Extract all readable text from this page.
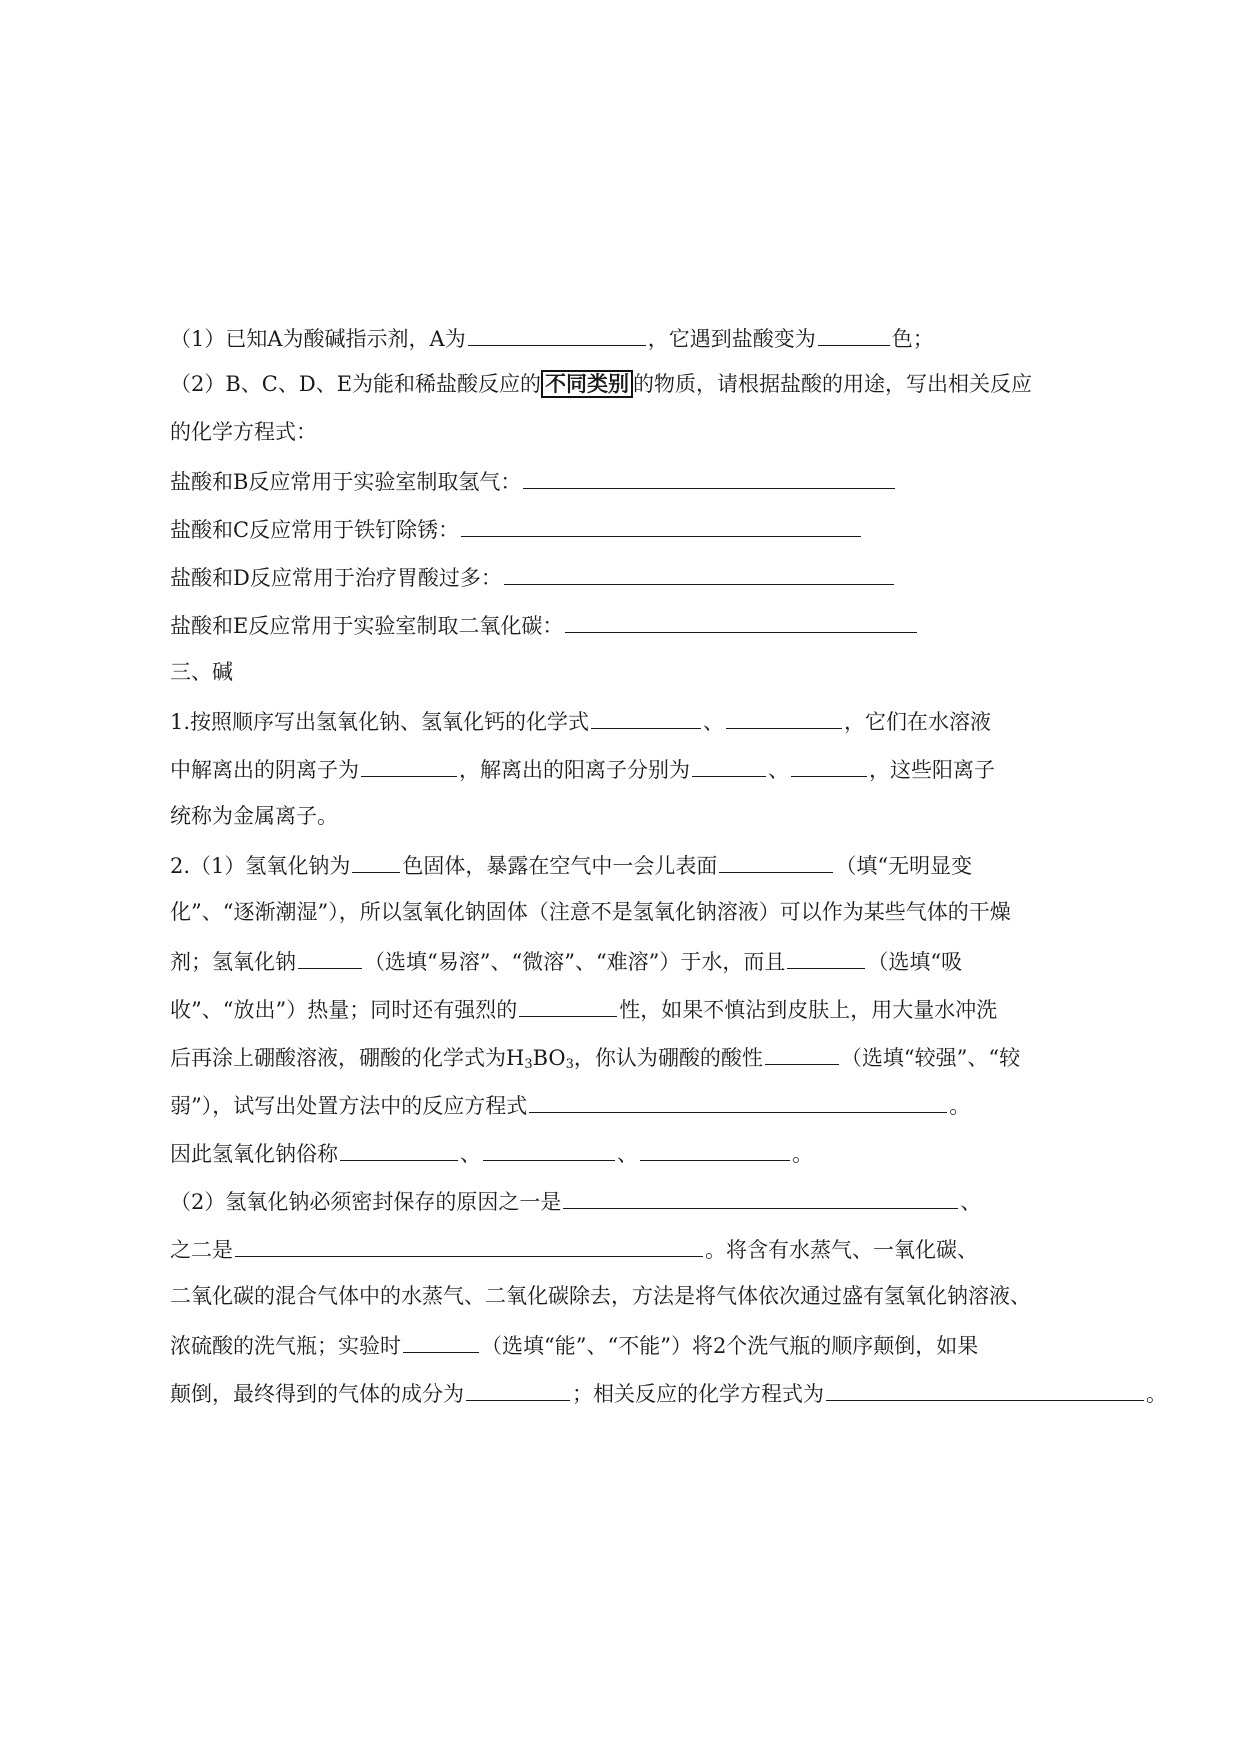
（1）已知A为酸碱指示剂，A为	，它遇到盐酸变为	色；
（2）B、C、D、E为能和稀盐酸反应的 不同类别 的物质，请根据盐酸的用途，写出相关反应
的化学方程式：
盐酸和B反应常用于实验室制取氢气：
盐酸和C反应常用于铁钉除锈：
盐酸和D反应常用于治疗胃酸过多：
盐酸和E反应常用于实验室制取二氧化碳：
三、碱
1.按照顺序写出氢氧化钠、氢氧化钙的化学式	、	，它们在水溶液
中解离出的阴离子为	，解离出的阳离子分别为	、	，这些阳离子
统称为金属离子。
2.（1）氢氧化钠为 色固体，暴露在空气中一会儿表面	（填“无明显变
化”、“逐渐潮湿”），所以氢氧化钠固体（注意不是氢氧化钠溶液）可以作为某些气体的干燥
剂；氢氧化钠	（选填“易溶”、“微溶”、“难溶”）于水，而且	（选填“吸
收”、“放出”）热量；同时还有强烈的	性，如果不慎沾到皮肤上，用大量水冲洗
后再涂上硼酸溶液，硼酸的化学式为$H_3BO_3$，你认为硼酸的酸性	（选填“较强”、“较
弱”），试写出处置方法中的反应方程式	。
因此氢氧化钠俗称	、	、	。
（2）氢氧化钠必须密封保存的原因之一是	、
之二是	。将含有水蒸气、一氧化碳、
二氧化碳的混合气体中的水蒸气、二氧化碳除去，方法是将气体依次通过盛有氢氧化钠溶液、
浓硫酸的洗气瓶；实验时	（选填“能”、“不能”）将2个洗气瓶的顺序颠倒，如果
颠倒，最终得到的气体的成分为	；相关反应的化学方程式为	。
